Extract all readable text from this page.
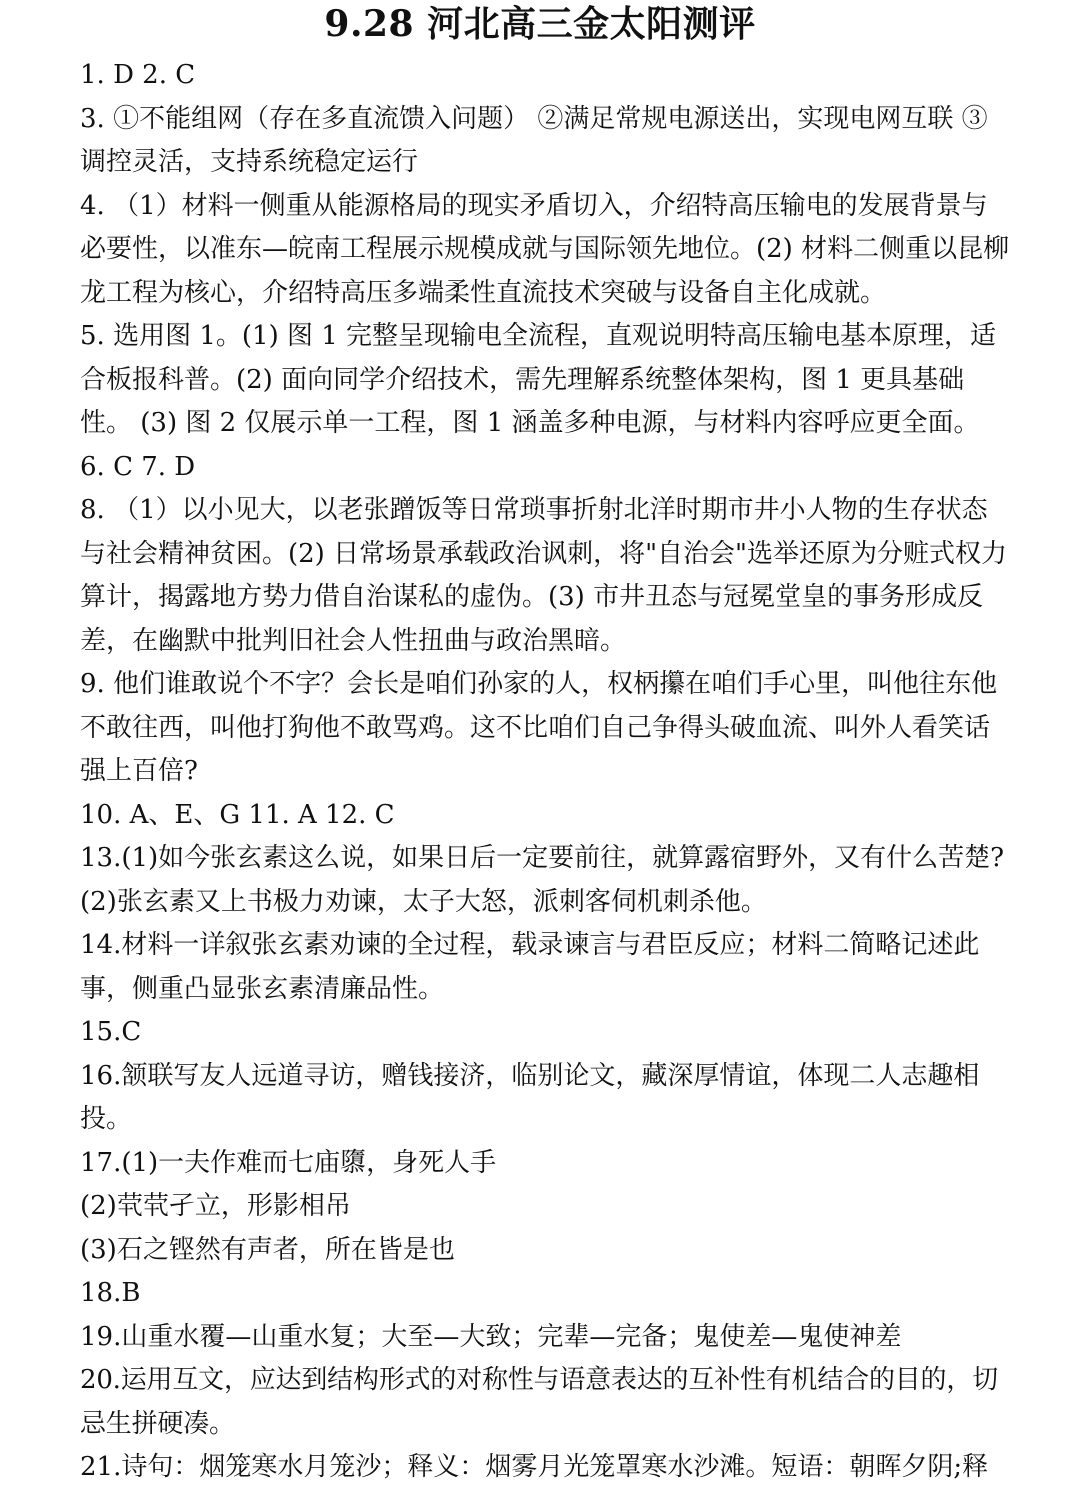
9.28 河北高三金太阳测评

1. D 2. C

3. ①不能组网（存在多直流馈入问题） ②满足常规电源送出，实现电网互联 ③调控灵活，支持系统稳定运行

4. （1）材料一侧重从能源格局的现实矛盾切入，介绍特高压输电的发展背景与必要性，以准东—皖南工程展示规模成就与国际领先地位。(2) 材料二侧重以昆柳龙工程为核心，介绍特高压多端柔性直流技术突破与设备自主化成就。

5. 选用图 1。(1) 图 1 完整呈现输电全流程，直观说明特高压输电基本原理，适合板报科普。(2) 面向同学介绍技术，需先理解系统整体架构，图 1 更具基础性。 (3) 图 2 仅展示单一工程，图 1 涵盖多种电源，与材料内容呼应更全面。

6. C 7. D

8. （1）以小见大，以老张蹭饭等日常琐事折射北洋时期市井小人物的生存状态与社会精神贫困。(2) 日常场景承载政治讽刺，将"自治会"选举还原为分赃式权力算计，揭露地方势力借自治谋私的虚伪。(3) 市井丑态与冠冕堂皇的事务形成反差，在幽默中批判旧社会人性扭曲与政治黑暗。

9. 他们谁敢说个不字？会长是咱们孙家的人，权柄攥在咱们手心里，叫他往东他不敢往西，叫他打狗他不敢骂鸡。这不比咱们自己争得头破血流、叫外人看笑话强上百倍?

10. A、E、G 11. A 12. C

13.(1)如今张玄素这么说，如果日后一定要前往，就算露宿野外，又有什么苦楚?

(2)张玄素又上书极力劝谏，太子大怒，派刺客伺机刺杀他。

14.材料一详叙张玄素劝谏的全过程，载录谏言与君臣反应；材料二简略记述此事，侧重凸显张玄素清廉品性。

15.C

16.颔联写友人远道寻访，赠钱接济，临别论文，藏深厚情谊，体现二人志趣相投。

17.(1)一夫作难而七庙隳，身死人手

(2)茕茕孑立，形影相吊

(3)石之铿然有声者，所在皆是也

18.B

19.山重水覆—山重水复；大至—大致；完辈—完备；鬼使差—鬼使神差

20.运用互文，应达到结构形式的对称性与语意表达的互补性有机结合的目的，切忌生拼硬凑。

21.诗句：烟笼寒水月笼沙；释义：烟雾月光笼罩寒水沙滩。短语：朝晖夕阴;释
